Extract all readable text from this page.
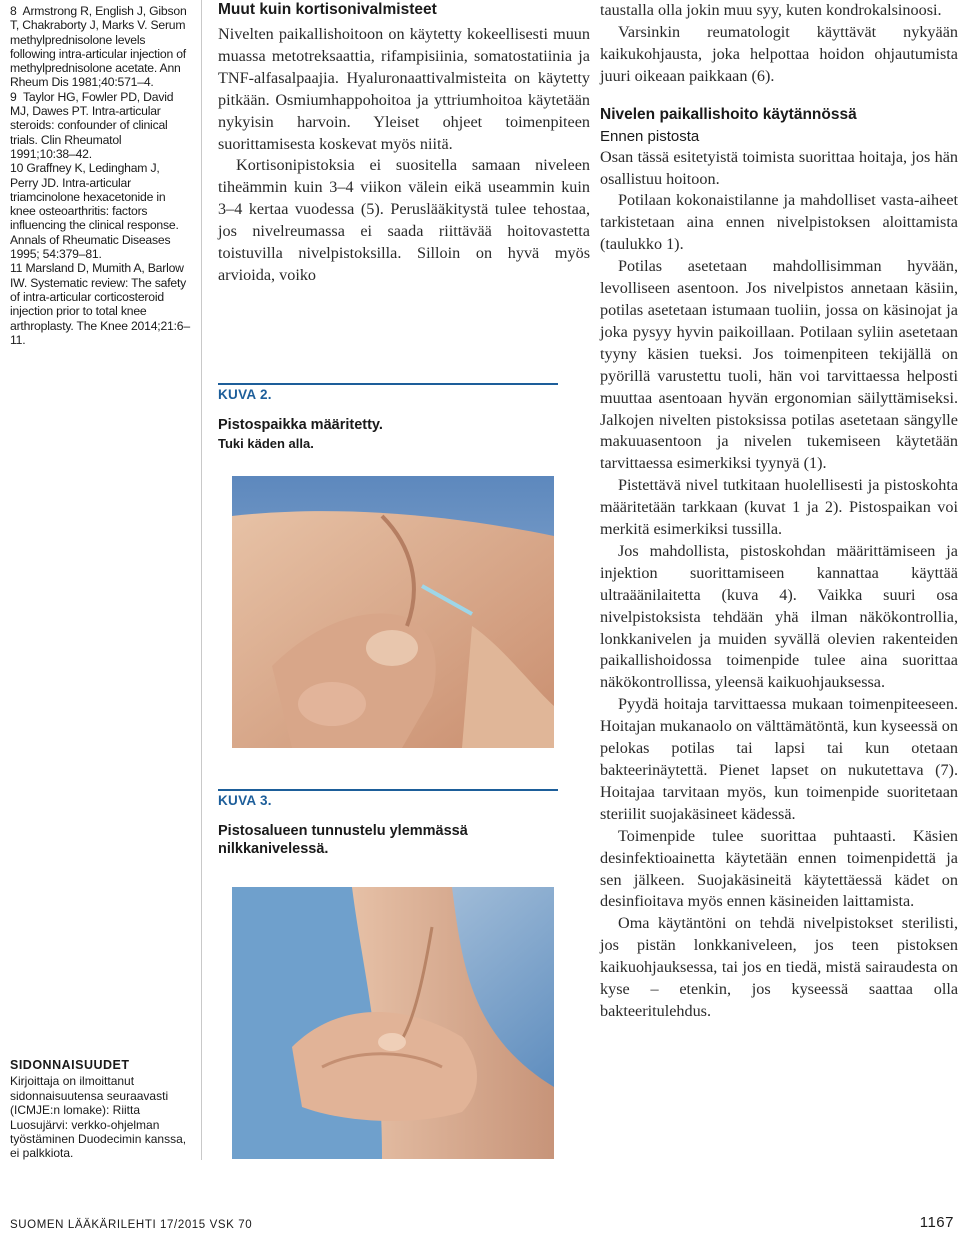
8 Armstrong R, English J, Gibson T, Chakraborty J, Marks V. Serum methylprednisolone levels following intra-articular injection of methylprednisolone acetate. Ann Rheum Dis 1981;40:571–4.

9 Taylor HG, Fowler PD, David MJ, Dawes PT. Intra-articular steroids: confounder of clinical trials. Clin Rheumatol 1991;10:38–42.

10 Graffney K, Ledingham J, Perry JD. Intra-articular triamcinolone hexacetonide in knee osteoarthritis: factors influencing the clinical response. Annals of Rheumatic Diseases 1995; 54:379–81.

11 Marsland D, Mumith A, Barlow IW. Systematic review: The safety of intra-articular corticosteroid injection prior to total knee arthroplasty. The Knee 2014;21:6–11.

SIDONNAISUUDET
Kirjoittaja on ilmoittanut sidonnaisuutensa seuraavasti (ICMJE:n lomake): Riitta Luosujärvi: verkko-ohjelman työstäminen Duodecimin kanssa, ei palkkiota.
Muut kuin kortisonivalmisteet

Nivelten paikallishoitoon on käytetty kokeellisesti muun muassa metotreksaattia, rifampisiinia, somatostatiinia ja TNF-alfasalpaajia. Hyaluronaattivalmisteita on käytetty pitkään. Osmiumhappohoitoa ja yttriumhoitoa käytetään nykyisin harvoin. Yleiset ohjeet toimenpiteen suorittamisesta koskevat myös niitä.

Kortisonipistoksia ei suositella samaan niveleen tiheämmin kuin 3–4 viikon välein eikä useammin kuin 3–4 kertaa vuodessa (5). Peruslääkitystä tulee tehostaa, jos nivelreumassa ei saada riittävää hoitovastetta toistuvilla nivelpistoksilla. Silloin on hyvä myös arvioida, voiko

KUVA 2.
Pistospaikka määritetty.
Tuki käden alla.
KUVA 3.
Pistosalueen tunnustelu ylemmässä nilkkanivelessä.

taustalla olla jokin muu syy, kuten kondrokalsinoosi.

Varsinkin reumatologit käyttävät nykyään kaikukohjausta, joka helpottaa hoidon ohjautumista juuri oikeaan paikkaan (6).

Nivelen paikallishoito käytännössä
Ennen pistosta

Osan tässä esitetyistä toimista suorittaa hoitaja, jos hän osallistuu hoitoon.

Potilaan kokonaistilanne ja mahdolliset vasta-aiheet tarkistetaan aina ennen nivelpistoksen aloittamista (taulukko 1).

Potilas asetetaan mahdollisimman hyvään, levolliseen asentoon. Jos nivelpistos annetaan käsiin, potilas asetetaan istumaan tuoliin, jossa on käsinojat ja joka pysyy hyvin paikoillaan. Potilaan syliin asetetaan tyyny käsien tueksi. Jos toimenpiteen tekijällä on pyörillä varustettu tuoli, hän voi tarvittaessa helposti muuttaa asentoaan hyvän ergonomian säilyttämiseksi. Jalkojen nivelten pistoksissa potilas asetetaan sängylle makuuasentoon ja nivelen tukemiseen käytetään tarvittaessa esimerkiksi tyynyä (1).

Pistettävä nivel tutkitaan huolellisesti ja pistoskohta määritetään tarkkaan (kuvat 1 ja 2). Pistospaikan voi merkitä esimerkiksi tussilla.

Jos mahdollista, pistoskohdan määrittämiseen ja injektion suorittamiseen kannattaa käyttää ultraäänilaitetta (kuva 4). Vaikka suuri osa nivelpistoksista tehdään yhä ilman näkökontrollia, lonkkanivelen ja muiden syvällä olevien rakenteiden paikallishoidossa toimenpide tulee aina suorittaa näkökontrollissa, yleensä kaikuohjauksessa.

Pyydä hoitaja tarvittaessa mukaan toimenpiteeseen. Hoitajan mukanaolo on välttämätöntä, kun kyseessä on pelokas potilas tai lapsi tai kun otetaan bakteerinäytettä. Pienet lapset on nukutettava (7). Hoitajaa tarvitaan myös, kun toimenpide suoritetaan steriilit suojakäsineet kädessä.

Toimenpide tulee suorittaa puhtaasti. Käsien desinfektioainetta käytetään ennen toimenpidettä ja sen jälkeen. Suojakäsineitä käytettäessä kädet on desinfioitava myös ennen käsineiden laittamista.

Oma käytäntöni on tehdä nivelpistokset sterilisti, jos pistän lonkkaniveleen, jos teen pistoksen kaikuohjauksessa, tai jos en tiedä, mistä sairaudesta on kyse – etenkin, jos kyseessä saattaa olla bakteeritulehdus.

SUOMEN LÄÄKÄRILEHTI 17/2015 VSK 70	1167
